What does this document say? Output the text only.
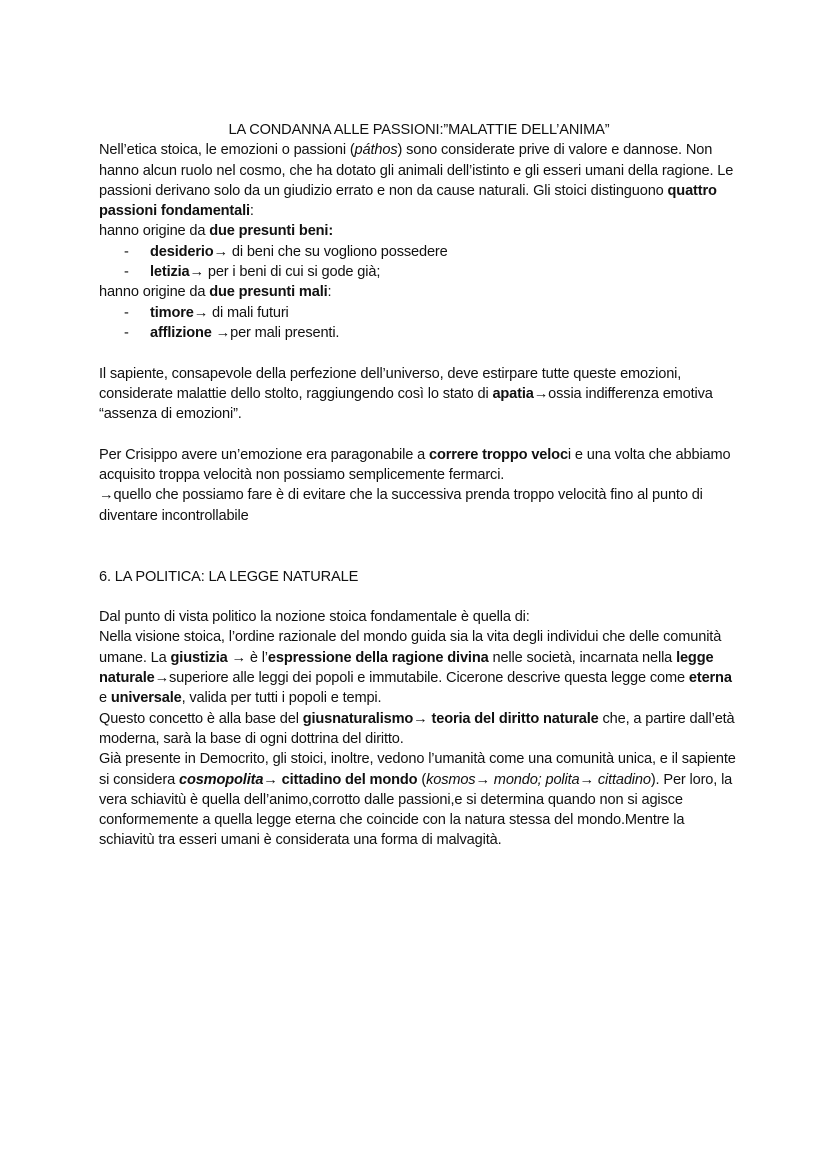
LA CONDANNA ALLE PASSIONI:”MALATTIE DELL’ANIMA”

Nell’etica stoica, le emozioni o passioni (páthos) sono considerate prive di valore e dannose. Non hanno alcun ruolo nel cosmo, che ha dotato gli animali dell’istinto e gli esseri umani della ragione. Le passioni derivano solo da un giudizio errato e non da cause naturali. Gli stoici distinguono quattro passioni fondamentali:

hanno origine da due presunti beni:

- desiderio→ di beni che su vogliono possedere
- letizia→ per i beni di cui si gode già;

hanno origine da due presunti mali:

- timore→ di mali futuri
- afflizione →per mali presenti.

Il sapiente, consapevole della perfezione dell’universo, deve estirpare tutte queste emozioni, considerate malattie dello stolto, raggiungendo così lo stato di apatia→ossia indifferenza emotiva “assenza di emozioni”.

Per Crisippo avere un’emozione era paragonabile a correre troppo veloci e una volta che abbiamo acquisito troppa velocità non possiamo semplicemente fermarci.

→quello che possiamo fare è di evitare che la successiva prenda troppo velocità fino al punto di diventare incontrollabile

6. LA POLITICA: LA LEGGE NATURALE

Dal punto di vista politico la nozione stoica fondamentale è quella di:

Nella visione stoica, l’ordine razionale del mondo guida sia la vita degli individui che delle comunità umane. La giustizia → è l’espressione della ragione divina nelle società, incarnata nella legge naturale→superiore alle leggi dei popoli e immutabile. Cicerone descrive questa legge come eterna e universale, valida per tutti i popoli e tempi.

Questo concetto è alla base del giusnaturalismo→ teoria del diritto naturale che, a partire dall’età moderna, sarà la base di ogni dottrina del diritto.

Già presente in Democrito, gli stoici, inoltre, vedono l’umanità come una comunità unica, e il sapiente si considera cosmopolita→ cittadino del mondo (kosmos→ mondo; polita→ cittadino). Per loro, la vera schiavitù è quella dell’animo,corrotto dalle passioni,e si determina quando non si agisce conformemente a quella legge eterna che coincide con la natura stessa del mondo.Mentre la schiavitù tra esseri umani è considerata una forma di malvagità.
